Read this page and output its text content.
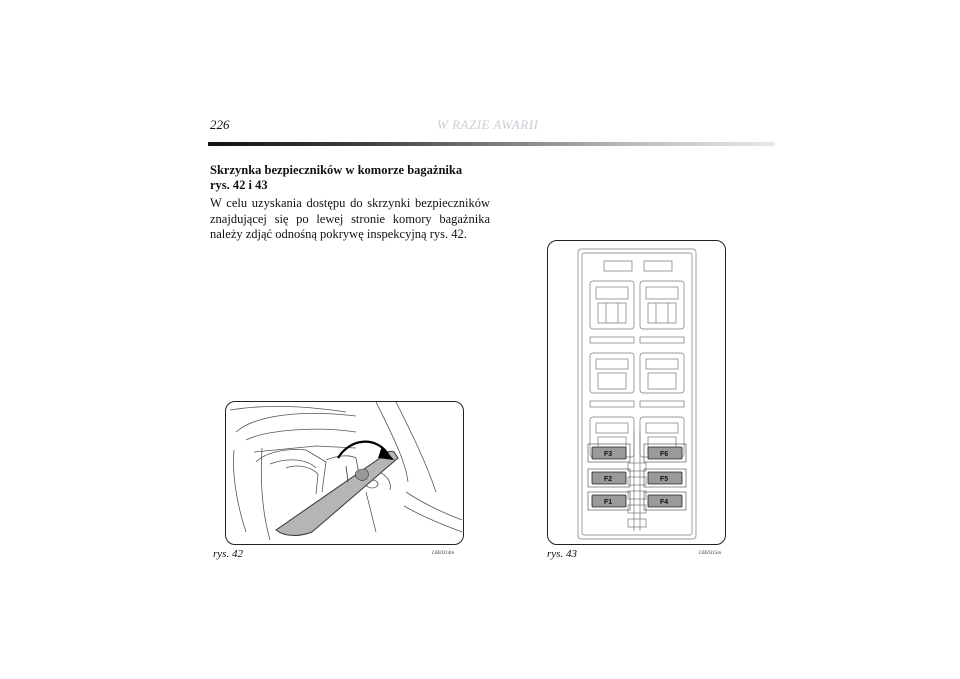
226	W RAZIE AWARII
Skrzynka bezpieczników w komorze bagażnika
rys. 42 i 43

W celu uzyskania dostępu do skrzynki bezpieczników znajdującej się po lewej stronie komory bagażnika należy zdjąć odnośną pokrywę inspekcyjną rys. 42.

rys. 42	L0E0314m
F3	F6
F2	F5
F1	F4
rys. 43	L0E0315m
